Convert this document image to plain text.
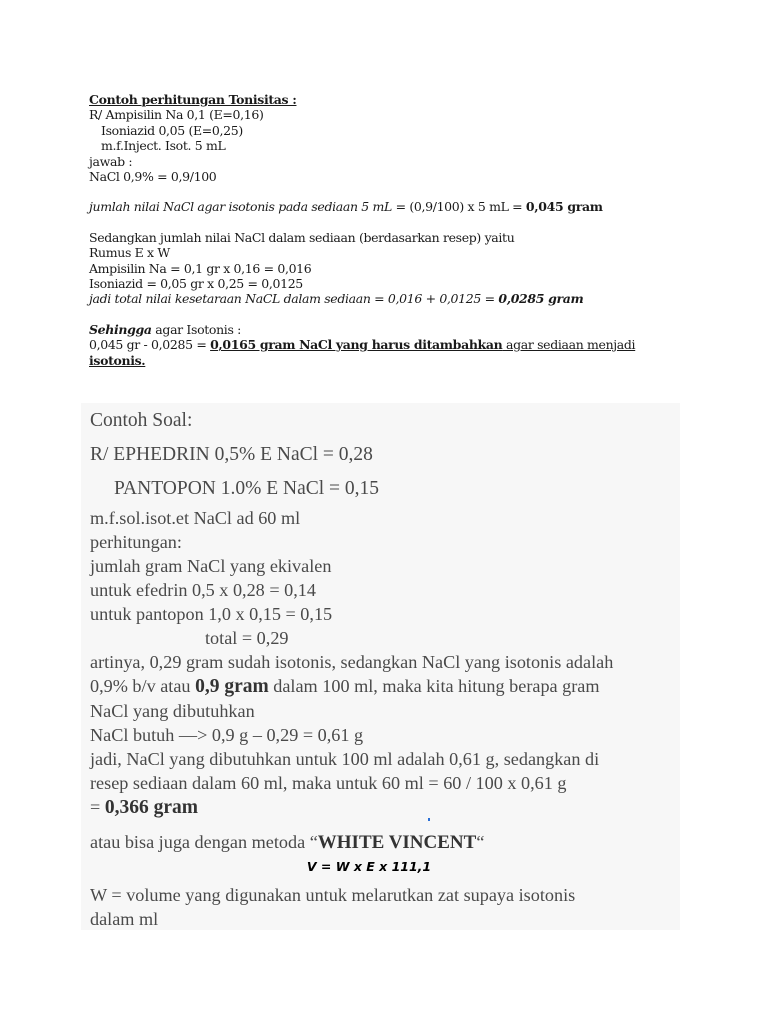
Contoh perhitungan Tonisitas :
R/ Ampisilin Na 0,1 (E=0,16)
Isoniazid 0,05 (E=0,25)
m.f.Inject. Isot. 5 mL
jawab :
NaCl 0,9% = 0,9/100
jumlah nilai NaCl agar isotonis pada sediaan 5 mL = (0,9/100) x 5 mL = 0,045 gram
Sedangkan jumlah nilai NaCl dalam sediaan (berdasarkan resep) yaitu
Rumus E x W
Ampisilin Na = 0,1 gr x 0,16 = 0,016
Isoniazid = 0,05 gr x 0,25 = 0,0125
jadi total nilai kesetaraan NaCL dalam sediaan = 0,016 + 0,0125 = 0,0285 gram
Sehingga agar Isotonis :
0,045 gr - 0,0285 = 0,0165 gram NaCl yang harus ditambahkan agar sediaan menjadi
isotonis.
Contoh Soal:
R/ EPHEDRIN 0,5% E NaCl = 0,28
PANTOPON 1.0% E NaCl = 0,15
m.f.sol.isot.et NaCl ad 60 ml
perhitungan:
jumlah gram NaCl yang ekivalen
untuk efedrin 0,5 x 0,28 = 0,14
untuk pantopon 1,0 x 0,15 = 0,15
total = 0,29
artinya, 0,29 gram sudah isotonis, sedangkan NaCl yang isotonis adalah
0,9% b/v atau 0,9 gram dalam 100 ml, maka kita hitung berapa gram
NaCl yang dibutuhkan
NaCl butuh —> 0,9 g – 0,29 = 0,61 g
jadi, NaCl yang dibutuhkan untuk 100 ml adalah 0,61 g, sedangkan di
resep sediaan dalam 60 ml, maka untuk 60 ml = 60 / 100 x 0,61 g
= 0,366 gram
atau bisa juga dengan metoda “WHITE VINCENT“
V = W x E x 111,1
W = volume yang digunakan untuk melarutkan zat supaya isotonis
dalam ml
